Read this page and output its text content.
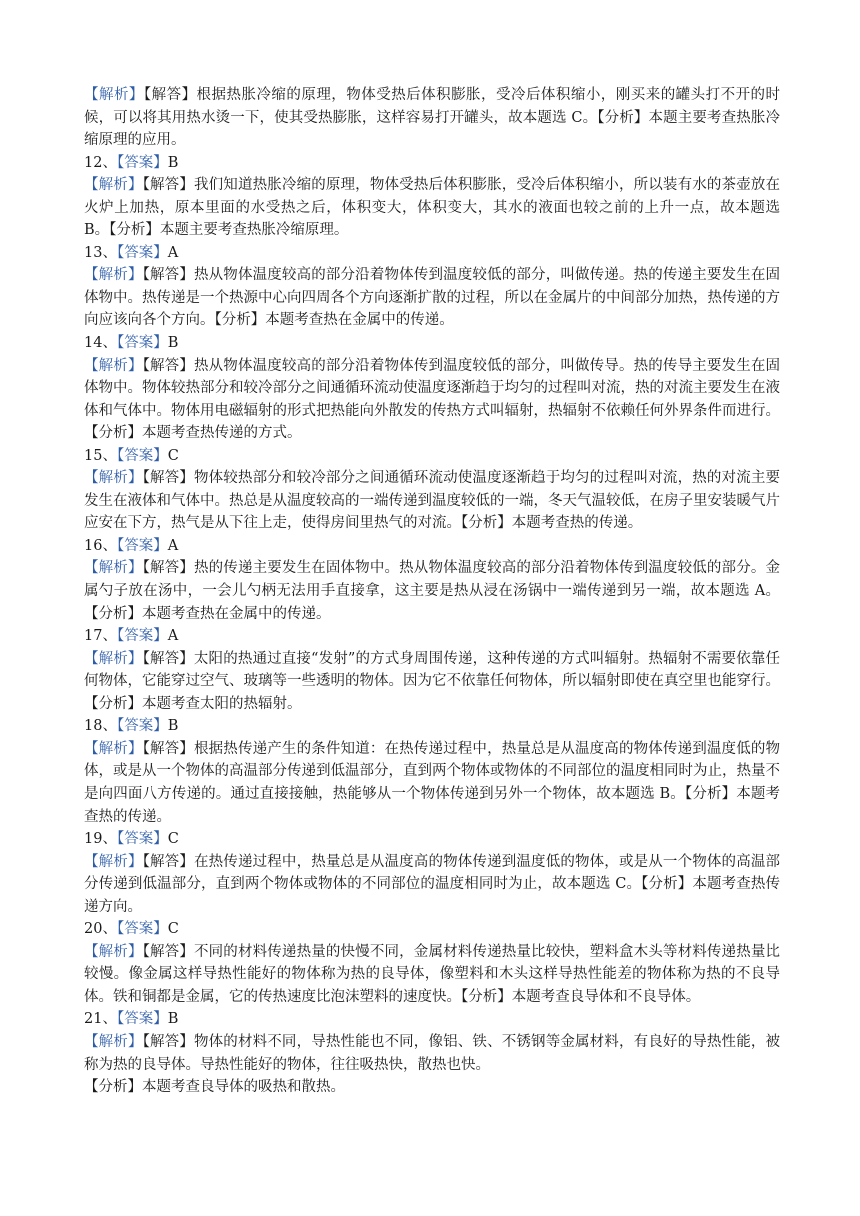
【解析】【解答】根据热胀冷缩的原理，物体受热后体积膨胀，受冷后体积缩小，刚买来的罐头打不开的时候，可以将其用热水烫一下，使其受热膨胀，这样容易打开罐头，故本题选 C。【分析】本题主要考查热胀冷缩原理的应用。

12、【答案】B

【解析】【解答】我们知道热胀冷缩的原理，物体受热后体积膨胀，受冷后体积缩小，所以装有水的茶壶放在火炉上加热，原本里面的水受热之后，体积变大，体积变大，其水的液面也较之前的上升一点，故本题选 B。【分析】本题主要考查热胀冷缩原理。

13、【答案】A

【解析】【解答】热从物体温度较高的部分沿着物体传到温度较低的部分，叫做传递。热的传递主要发生在固体物中。热传递是一个热源中心向四周各个方向逐渐扩散的过程，所以在金属片的中间部分加热，热传递的方向应该向各个方向。【分析】本题考查热在金属中的传递。

14、【答案】B

【解析】【解答】热从物体温度较高的部分沿着物体传到温度较低的部分，叫做传导。热的传导主要发生在固体物中。物体较热部分和较冷部分之间通循环流动使温度逐渐趋于均匀的过程叫对流，热的对流主要发生在液体和气体中。物体用电磁辐射的形式把热能向外散发的传热方式叫辐射，热辐射不依赖任何外界条件而进行。【分析】本题考查热传递的方式。

15、【答案】C

【解析】【解答】物体较热部分和较冷部分之间通循环流动使温度逐渐趋于均匀的过程叫对流，热的对流主要发生在液体和气体中。热总是从温度较高的一端传递到温度较低的一端，冬天气温较低，在房子里安装暖气片应安在下方，热气是从下往上走，使得房间里热气的对流。【分析】本题考查热的传递。

16、【答案】A

【解析】【解答】热的传递主要发生在固体物中。热从物体温度较高的部分沿着物体传到温度较低的部分。金属勺子放在汤中，一会儿勺柄无法用手直接拿，这主要是热从浸在汤锅中一端传递到另一端，故本题选 A。【分析】本题考查热在金属中的传递。

17、【答案】A

【解析】【解答】太阳的热通过直接“发射”的方式身周围传递，这种传递的方式叫辐射。热辐射不需要依靠任何物体，它能穿过空气、玻璃等一些透明的物体。因为它不依靠任何物体，所以辐射即使在真空里也能穿行。

【分析】本题考查太阳的热辐射。

18、【答案】B

【解析】【解答】根据热传递产生的条件知道：在热传递过程中，热量总是从温度高的物体传递到温度低的物体，或是从一个物体的高温部分传递到低温部分，直到两个物体或物体的不同部位的温度相同时为止，热量不是向四面八方传递的。通过直接接触，热能够从一个物体传递到另外一个物体，故本题选 B。【分析】本题考查热的传递。

19、【答案】C

【解析】【解答】在热传递过程中，热量总是从温度高的物体传递到温度低的物体，或是从一个物体的高温部分传递到低温部分，直到两个物体或物体的不同部位的温度相同时为止，故本题选 C。【分析】本题考查热传递方向。

20、【答案】C

【解析】【解答】不同的材料传递热量的快慢不同，金属材料传递热量比较快，塑料盒木头等材料传递热量比较慢。像金属这样导热性能好的物体称为热的良导体，像塑料和木头这样导热性能差的物体称为热的不良导体。铁和铜都是金属，它的传热速度比泡沫塑料的速度快。【分析】本题考查良导体和不良导体。

21、【答案】B

【解析】【解答】物体的材料不同，导热性能也不同，像铝、铁、不锈钢等金属材料，有良好的导热性能，被称为热的良导体。导热性能好的物体，往往吸热快，散热也快。

【分析】本题考查良导体的吸热和散热。
